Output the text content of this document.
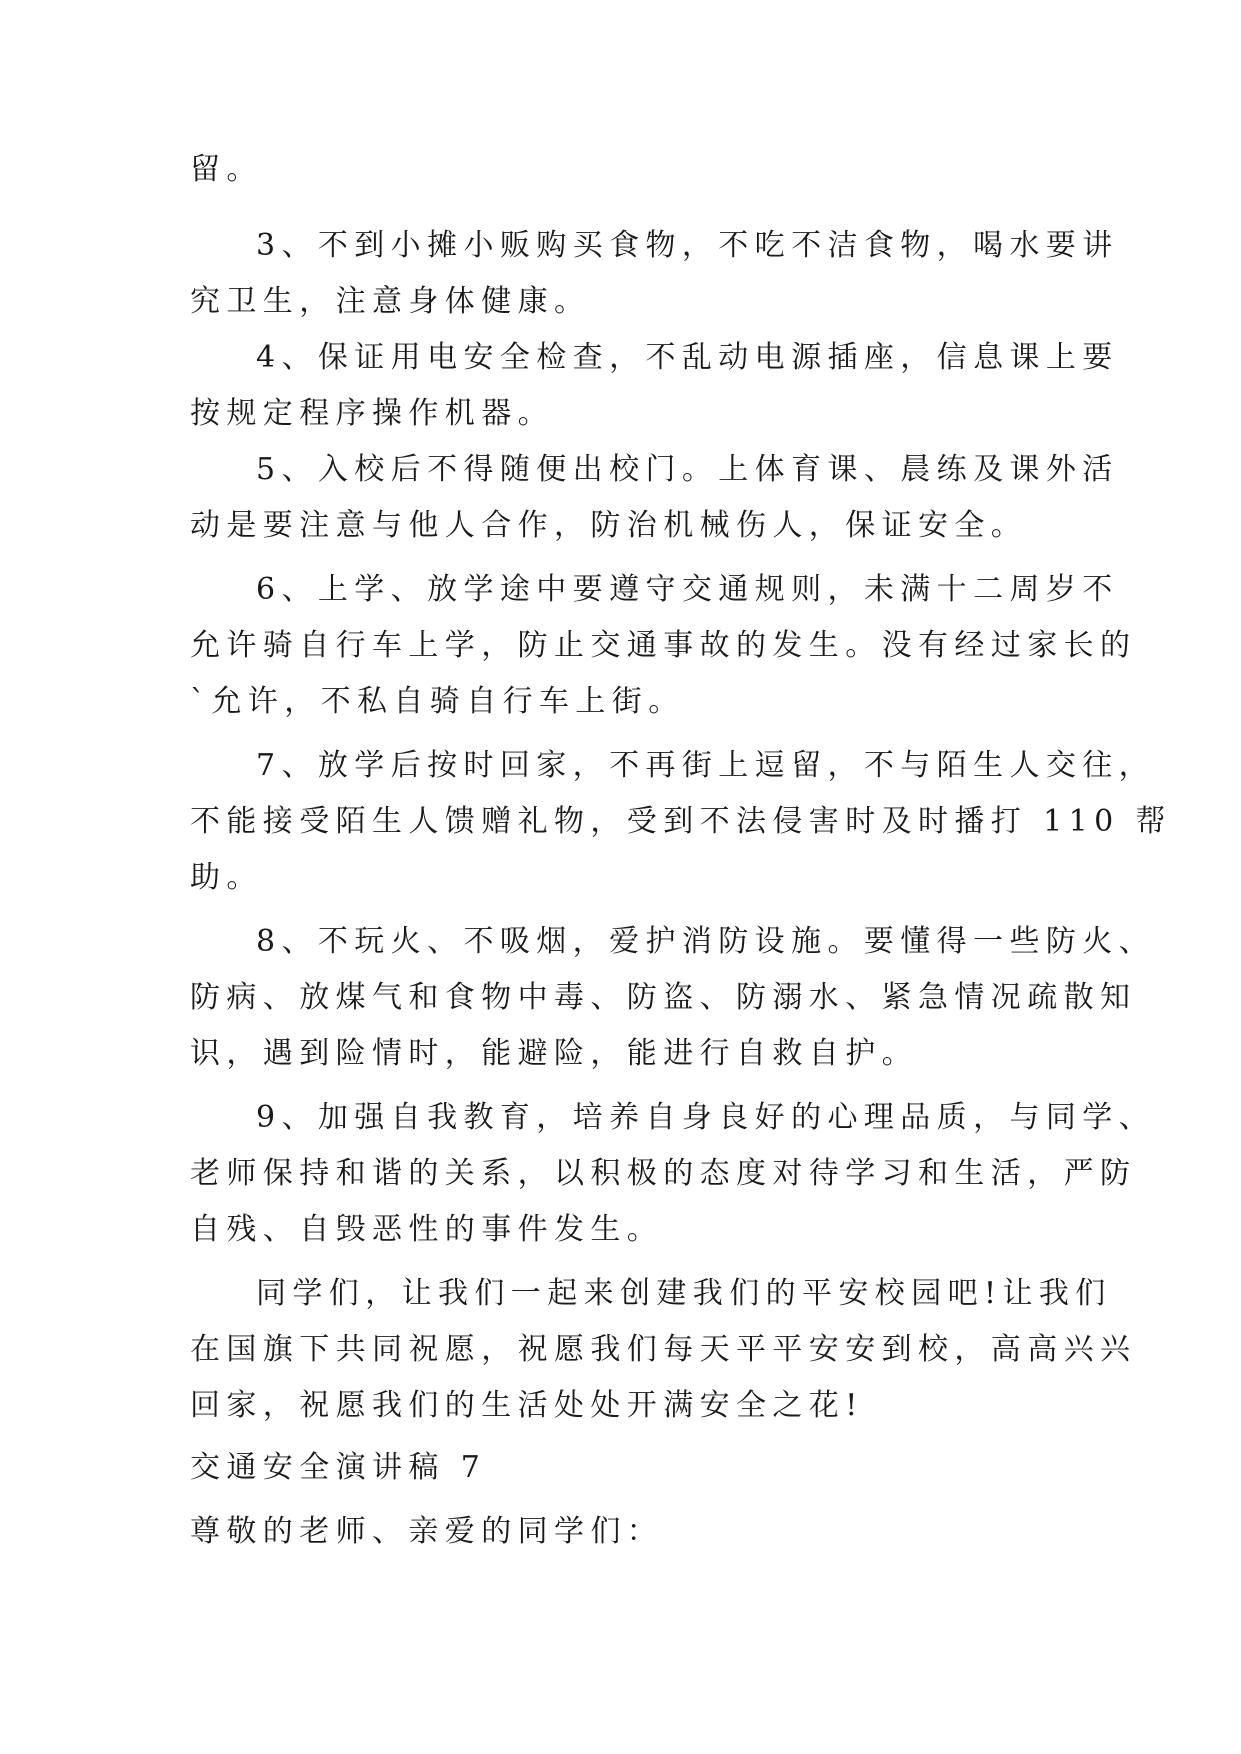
留。
3、不到小摊小贩购买食物，不吃不洁食物，喝水要讲
究卫生，注意身体健康。
4、保证用电安全检查，不乱动电源插座，信息课上要
按规定程序操作机器。
5、入校后不得随便出校门。上体育课、晨练及课外活
动是要注意与他人合作，防治机械伤人，保证安全。
6、上学、放学途中要遵守交通规则，未满十二周岁不
允许骑自行车上学，防止交通事故的发生。没有经过家长的
`允许，不私自骑自行车上街。
7、放学后按时回家，不再街上逗留，不与陌生人交往，
不能接受陌生人馈赠礼物，受到不法侵害时及时播打 110 帮
助。
8、不玩火、不吸烟，爱护消防设施。要懂得一些防火、
防病、放煤气和食物中毒、防盗、防溺水、紧急情况疏散知
识，遇到险情时，能避险，能进行自救自护。
9、加强自我教育，培养自身良好的心理品质，与同学、
老师保持和谐的关系，以积极的态度对待学习和生活，严防
自残、自毁恶性的事件发生。
同学们，让我们一起来创建我们的平安校园吧!让我们
在国旗下共同祝愿，祝愿我们每天平平安安到校，高高兴兴
回家，祝愿我们的生活处处开满安全之花!
交通安全演讲稿 7
尊敬的老师、亲爱的同学们：
